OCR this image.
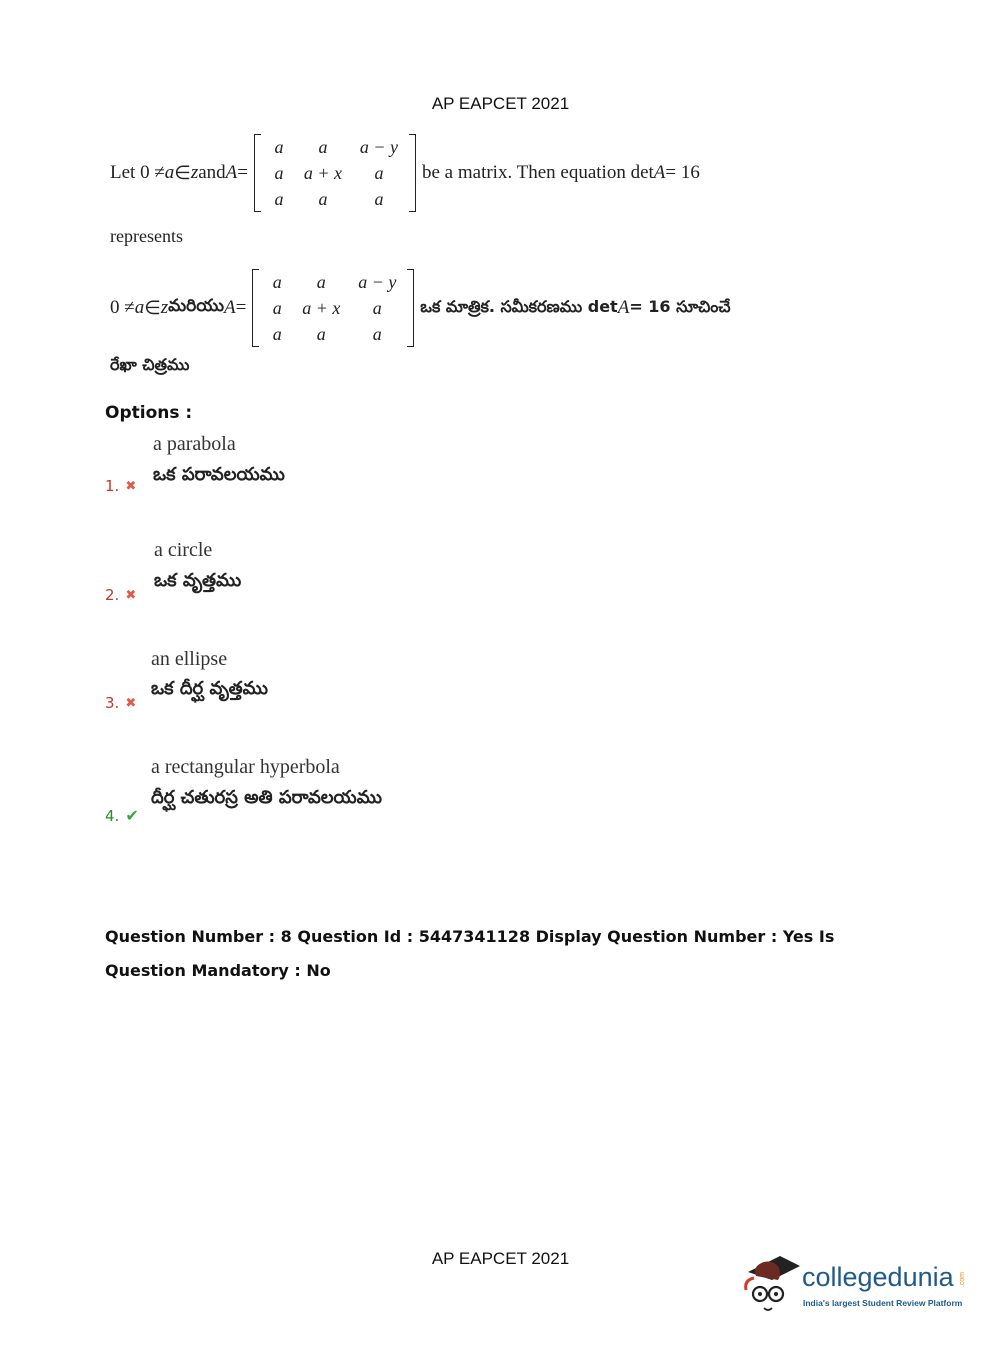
AP EAPCET 2021
Let 0 ≠ a ∈ z and A =
a	a	a − y
a	a + x	a
a	a	a
be a matrix. Then equation det A = 16
represents
0 ≠ a ∈ z మరియు A =
a	a	a − y
a	a + x	a
a	a	a
ఒక మాత్రిక. సమీకరణము det A = 16 సూచించే
రేఖా చిత్రము
Options :
a parabola
ఒక పరావలయము
1. ✖
a circle
ఒక వృత్తము
2. ✖
an ellipse
ఒక దీర్ఘ వృత్తము
3. ✖
a rectangular hyperbola
దీర్ఘ చతురస్ర అతి పరావలయము
4. ✔
Question Number : 8 Question Id : 5447341128 Display Question Number : Yes Is Question Mandatory : No
AP EAPCET 2021
collegedunia .com
India's largest Student Review Platform
